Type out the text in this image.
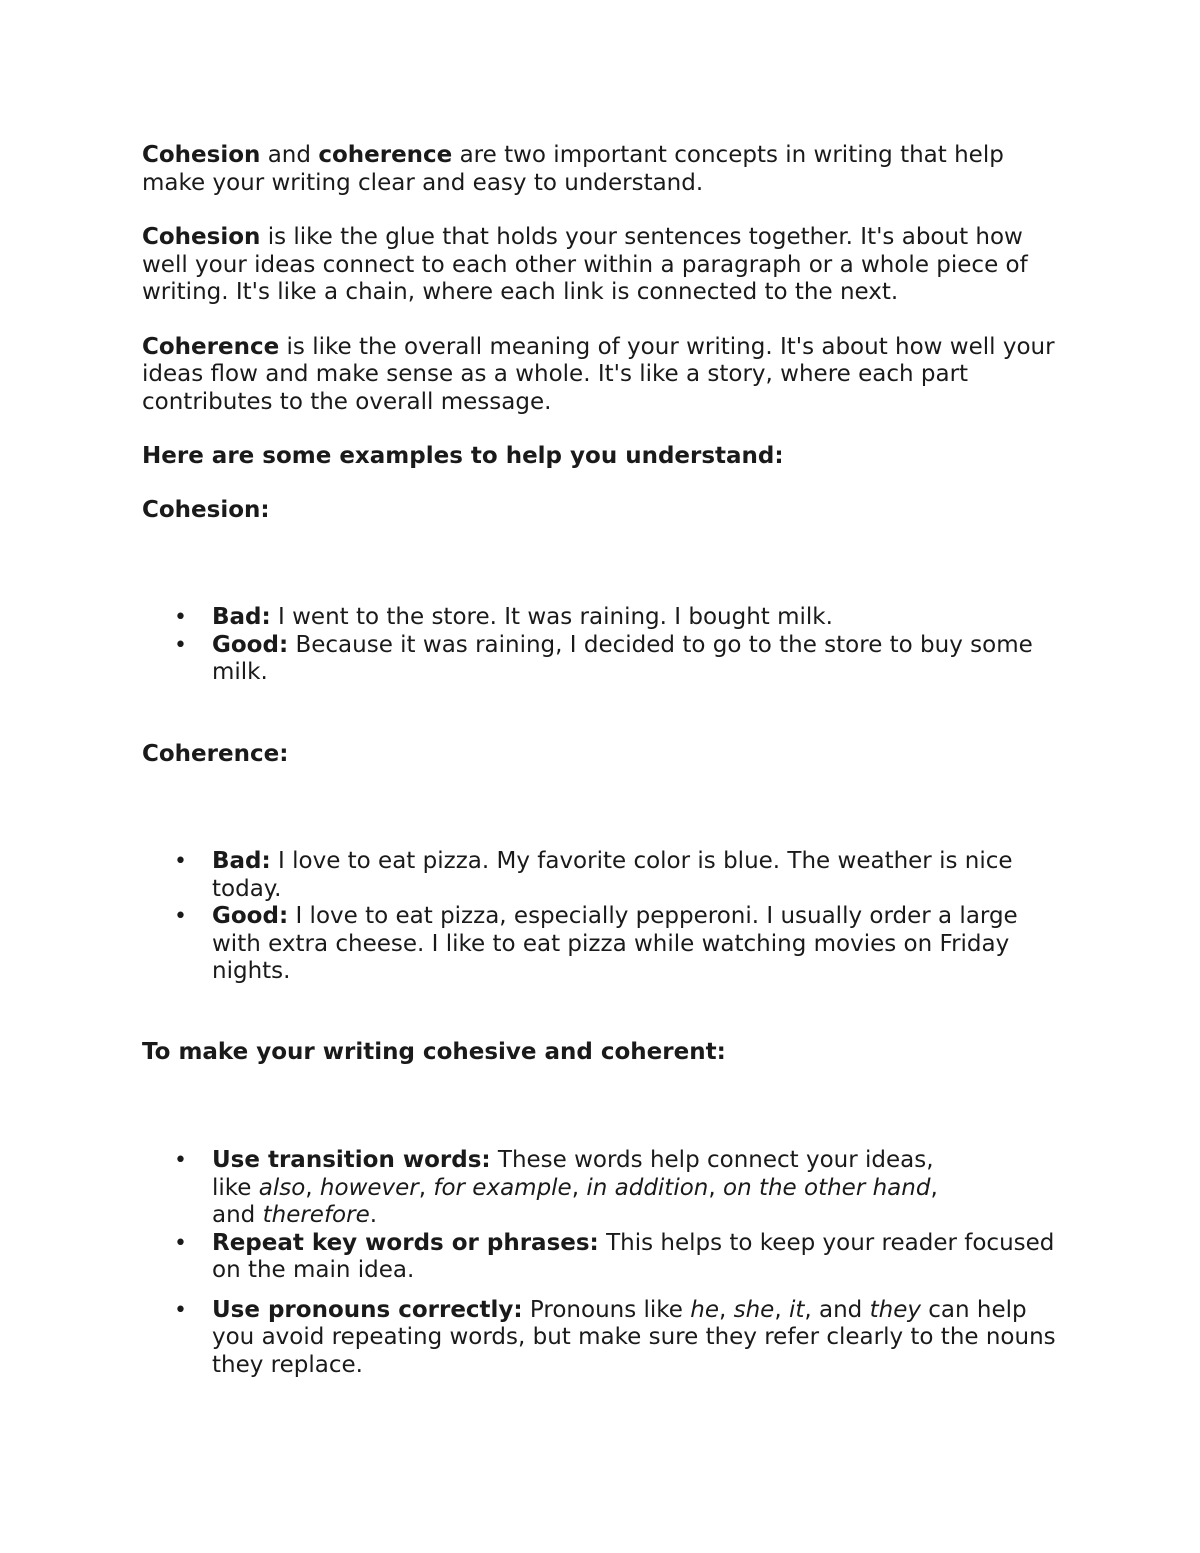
Cohesion and coherence are two important concepts in writing that help make your writing clear and easy to understand.

Cohesion is like the glue that holds your sentences together. It's about how well your ideas connect to each other within a paragraph or a whole piece of writing. It's like a chain, where each link is connected to the next.

Coherence is like the overall meaning of your writing. It's about how well your ideas flow and make sense as a whole. It's like a story, where each part contributes to the overall message.

Here are some examples to help you understand:

Cohesion:

• Bad: I went to the store. It was raining. I bought milk.
• Good: Because it was raining, I decided to go to the store to buy some milk.

Coherence:

• Bad: I love to eat pizza. My favorite color is blue. The weather is nice today.
• Good: I love to eat pizza, especially pepperoni. I usually order a large with extra cheese. I like to eat pizza while watching movies on Friday nights.

To make your writing cohesive and coherent:

• Use transition words: These words help connect your ideas,
like also, however, for example, in addition, on the other hand,
and therefore.
• Repeat key words or phrases: This helps to keep your reader focused on the main idea.
• Use pronouns correctly: Pronouns like he, she, it, and they can help you avoid repeating words, but make sure they refer clearly to the nouns they replace.
